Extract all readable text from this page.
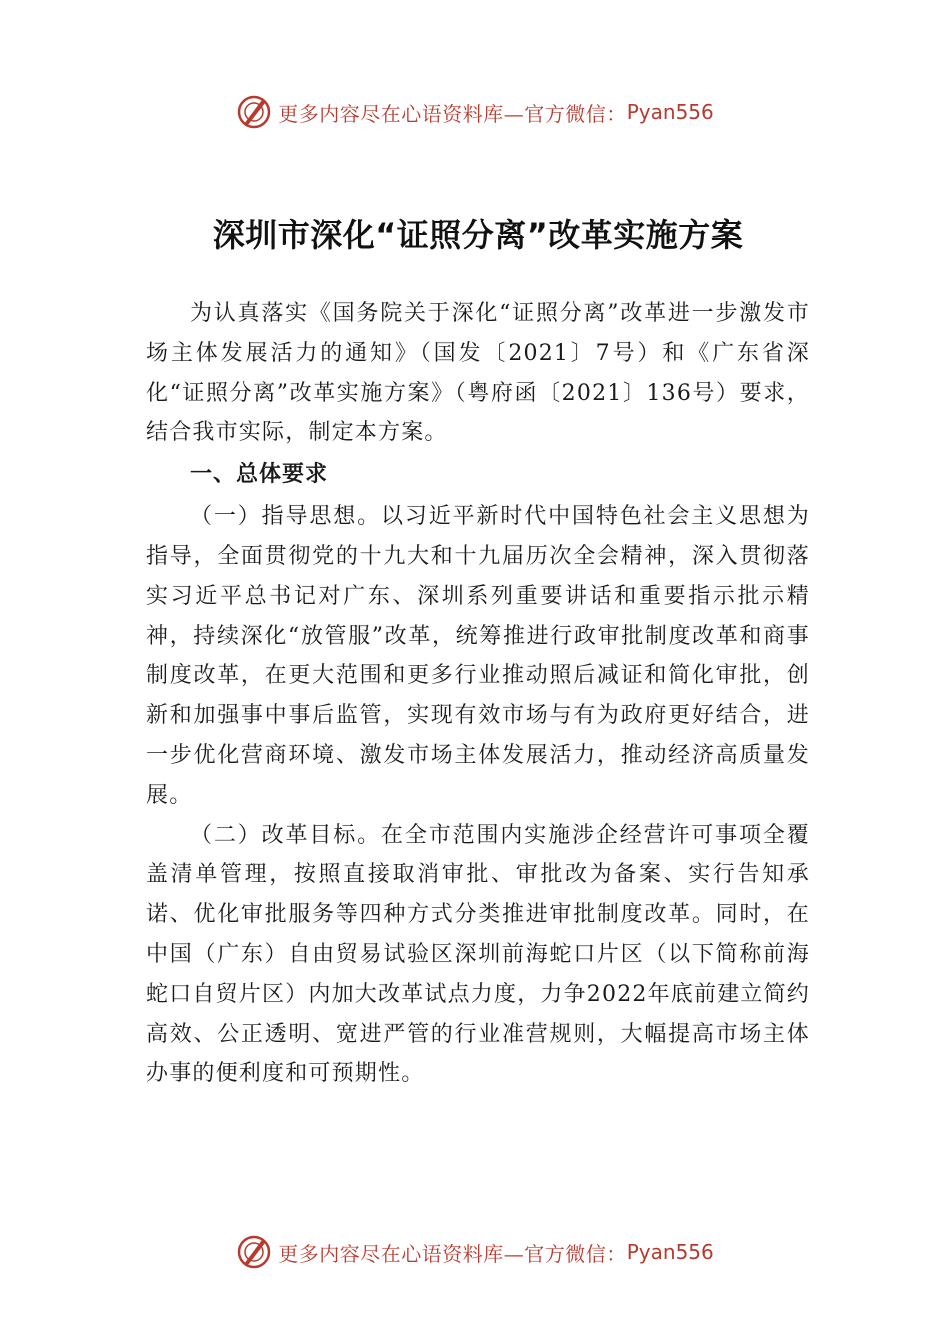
更多内容尽在心语资料库—官方微信： Pyan556
深圳市深化“证照分离”改革实施方案

为认真落实《国务院关于深化“证照分离”改革进一步激发市场主体发展活力的通知》（国发〔2021〕7号）和《广东省深化“证照分离”改革实施方案》（粤府函〔2021〕136号）要求，结合我市实际，制定本方案。

一、总体要求

（一）指导思想。以习近平新时代中国特色社会主义思想为指导，全面贯彻党的十九大和十九届历次全会精神，深入贯彻落实习近平总书记对广东、深圳系列重要讲话和重要指示批示精神，持续深化“放管服”改革，统筹推进行政审批制度改革和商事制度改革，在更大范围和更多行业推动照后减证和简化审批，创新和加强事中事后监管，实现有效市场与有为政府更好结合，进一步优化营商环境、激发市场主体发展活力，推动经济高质量发展。

（二）改革目标。在全市范围内实施涉企经营许可事项全覆盖清单管理，按照直接取消审批、审批改为备案、实行告知承诺、优化审批服务等四种方式分类推进审批制度改革。同时，在中国（广东）自由贸易试验区深圳前海蛇口片区（以下简称前海蛇口自贸片区）内加大改革试点力度，力争2022年底前建立简约高效、公正透明、宽进严管的行业准营规则，大幅提高市场主体办事的便利度和可预期性。

更多内容尽在心语资料库—官方微信： Pyan556
